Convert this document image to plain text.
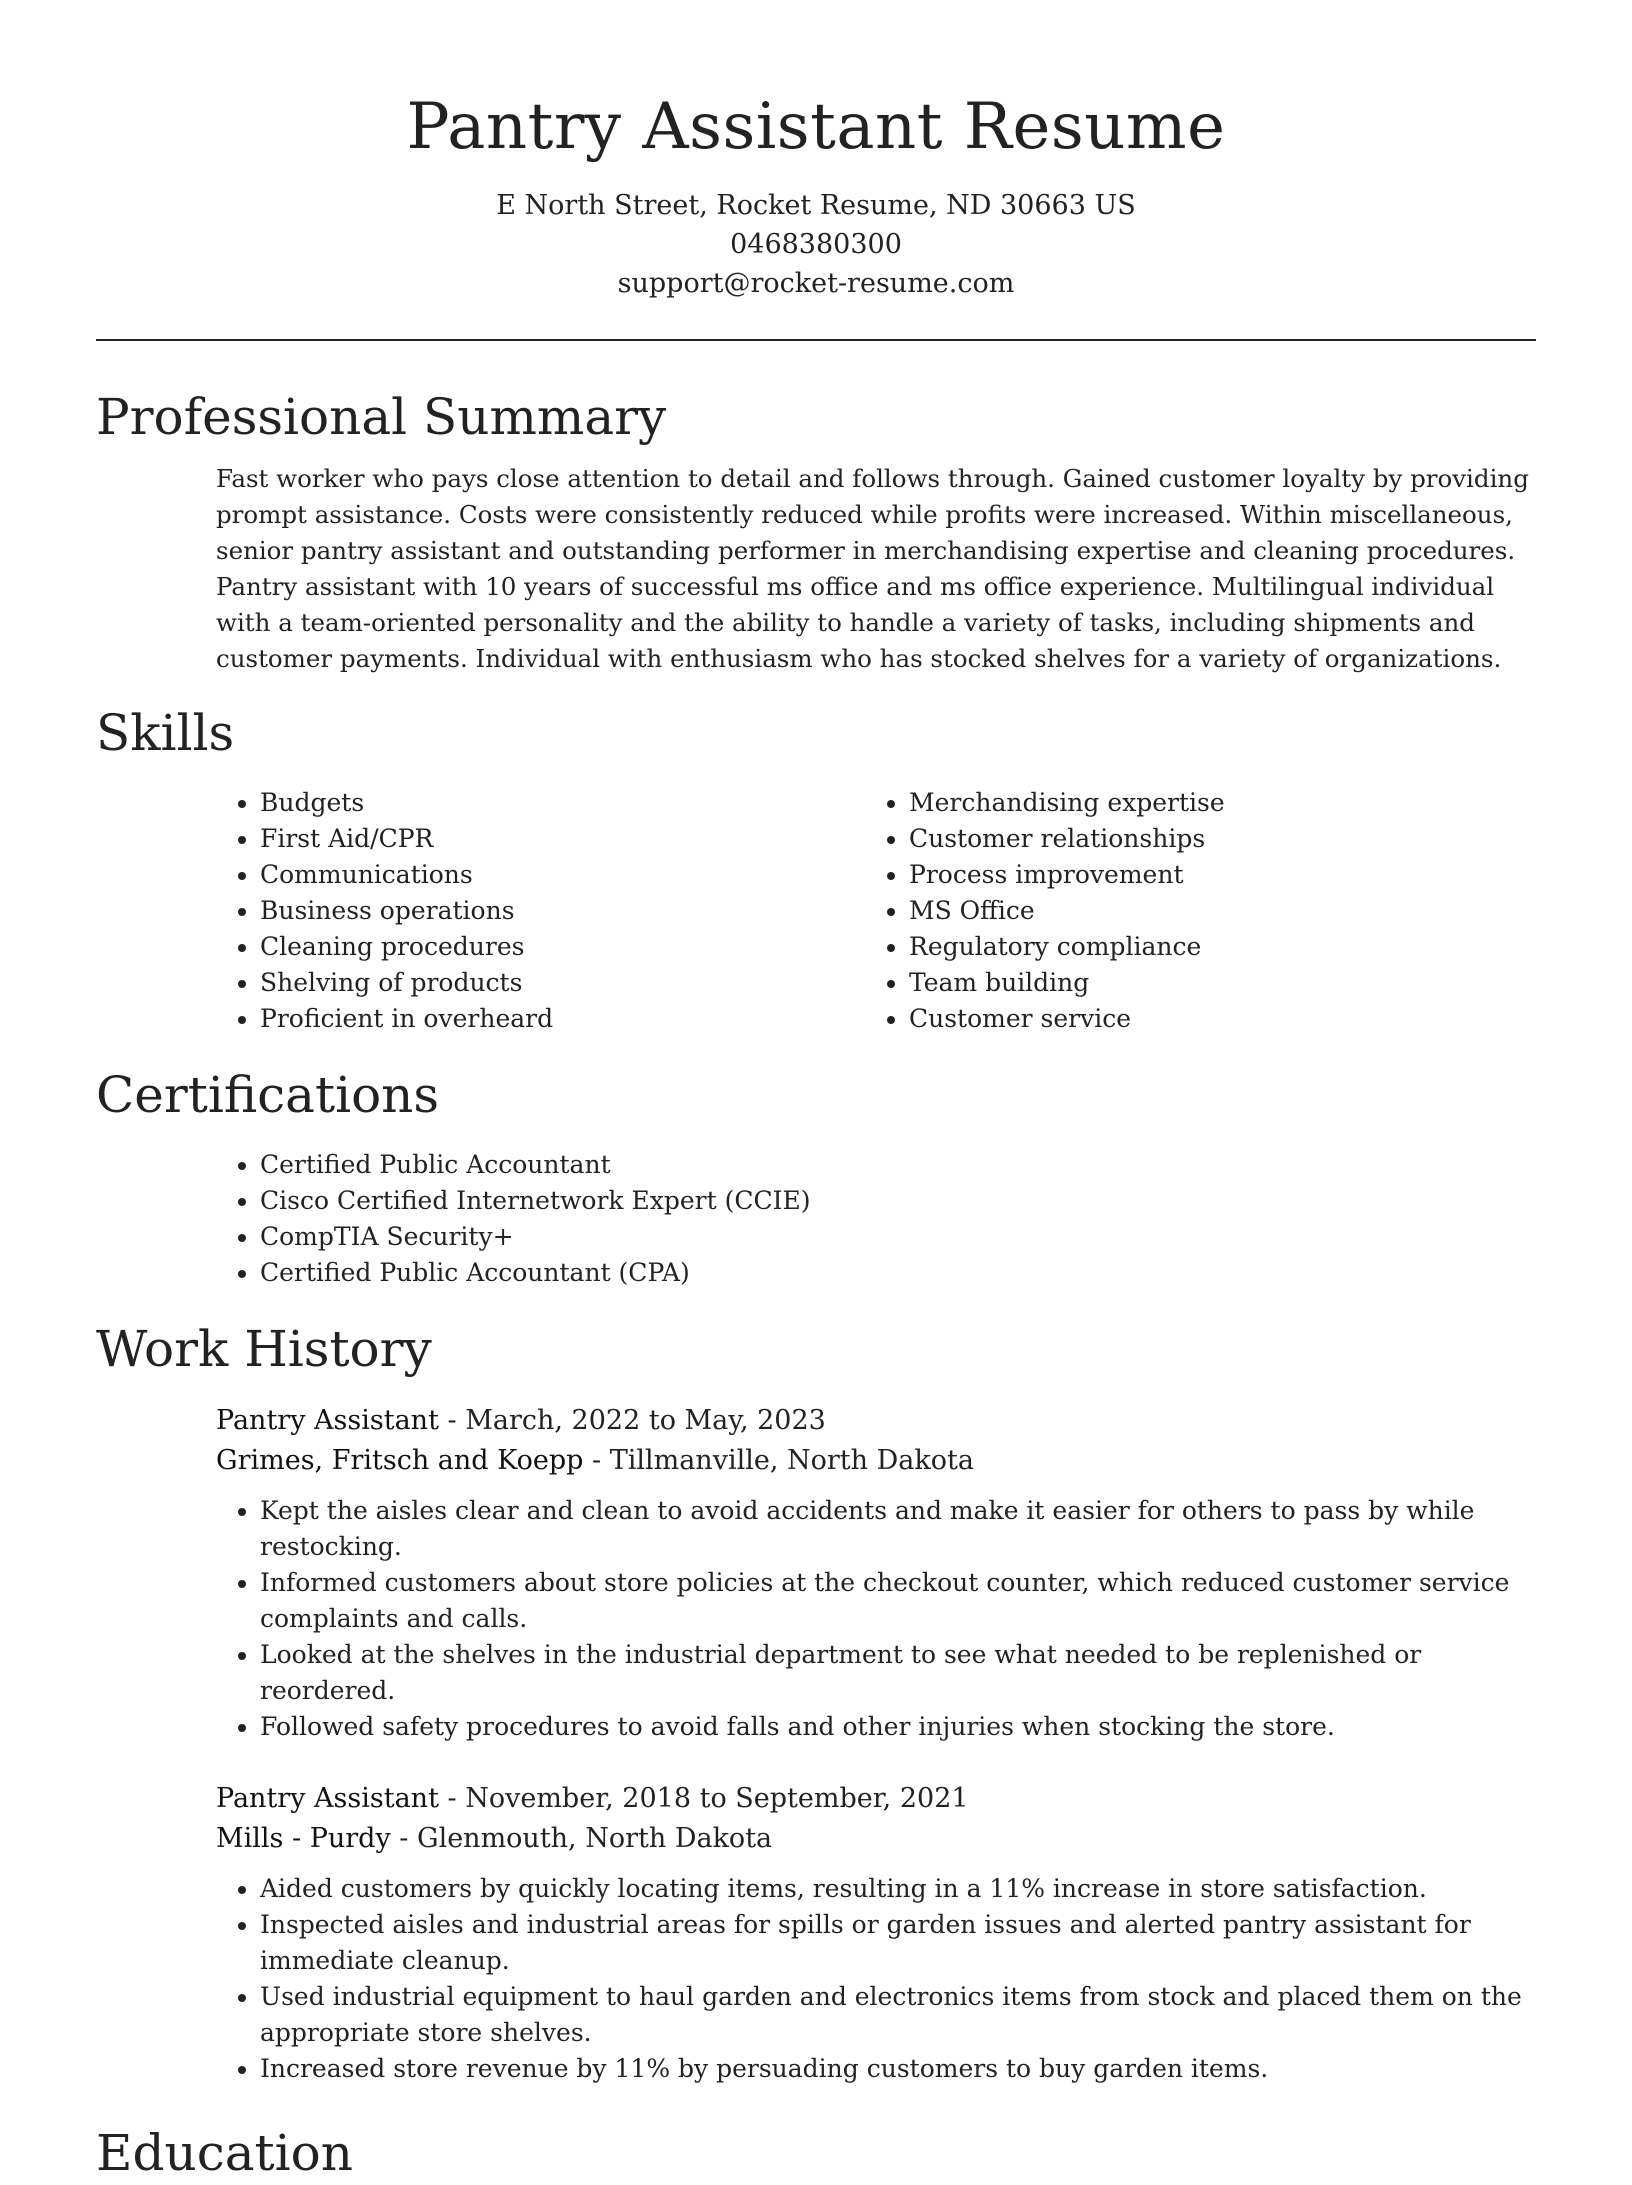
Pantry Assistant Resume
E North Street, Rocket Resume, ND 30663 US
0468380300
support@rocket-resume.com
Professional Summary

Fast worker who pays close attention to detail and follows through. Gained customer loyalty by providing prompt assistance. Costs were consistently reduced while profits were increased. Within miscellaneous, senior pantry assistant and outstanding performer in merchandising expertise and cleaning procedures. Pantry assistant with 10 years of successful ms office and ms office experience. Multilingual individual with a team-oriented personality and the ability to handle a variety of tasks, including shipments and customer payments. Individual with enthusiasm who has stocked shelves for a variety of organizations.

Skills
• Budgets
• First Aid/CPR
• Communications
• Business operations
• Cleaning procedures
• Shelving of products
• Proficient in overheard
• Merchandising expertise
• Customer relationships
• Process improvement
• MS Office
• Regulatory compliance
• Team building
• Customer service
Certifications
• Certified Public Accountant
• Cisco Certified Internetwork Expert (CCIE)
• CompTIA Security+
• Certified Public Accountant (CPA)
Work History
Pantry Assistant - March, 2022 to May, 2023
Grimes, Fritsch and Koepp - Tillmanville, North Dakota
• Kept the aisles clear and clean to avoid accidents and make it easier for others to pass by while restocking.
• Informed customers about store policies at the checkout counter, which reduced customer service complaints and calls.
• Looked at the shelves in the industrial department to see what needed to be replenished or reordered.
• Followed safety procedures to avoid falls and other injuries when stocking the store.
Pantry Assistant - November, 2018 to September, 2021
Mills - Purdy - Glenmouth, North Dakota
• Aided customers by quickly locating items, resulting in a 11% increase in store satisfaction.
• Inspected aisles and industrial areas for spills or garden issues and alerted pantry assistant for immediate cleanup.
• Used industrial equipment to haul garden and electronics items from stock and placed them on the appropriate store shelves.
• Increased store revenue by 11% by persuading customers to buy garden items.
Education
